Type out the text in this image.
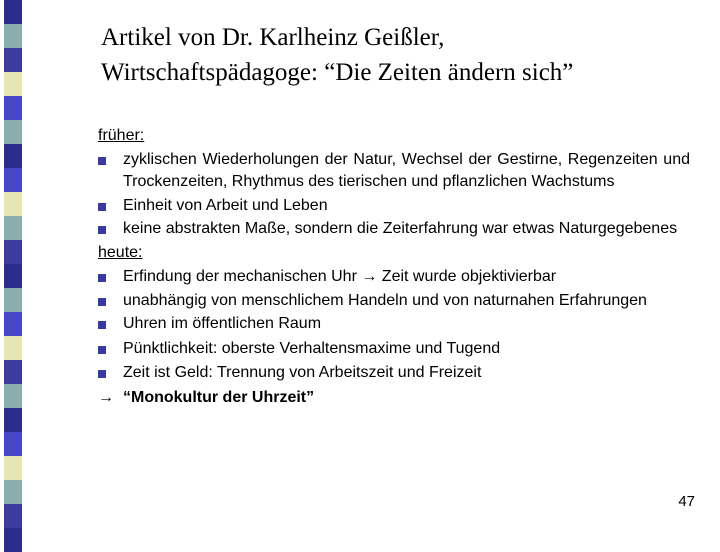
Artikel von Dr. Karlheinz Geißler,
Wirtschaftspädagoge: “Die Zeiten ändern sich”
früher:
zyklischen Wiederholungen der Natur, Wechsel der Gestirne, Regenzeiten und Trockenzeiten, Rhythmus des tierischen und pflanzlichen Wachstums
Einheit von Arbeit und Leben
keine abstrakten Maße, sondern die Zeiterfahrung war etwas Naturgegebenes
heute:
Erfindung der mechanischen Uhr → Zeit wurde objektivierbar
unabhängig von menschlichem Handeln und von naturnahen Erfahrungen
Uhren im öffentlichen Raum
Pünktlichkeit: oberste Verhaltensmaxime und Tugend
Zeit ist Geld: Trennung von Arbeitszeit und Freizeit
→ “Monokultur der Uhrzeit”
47
